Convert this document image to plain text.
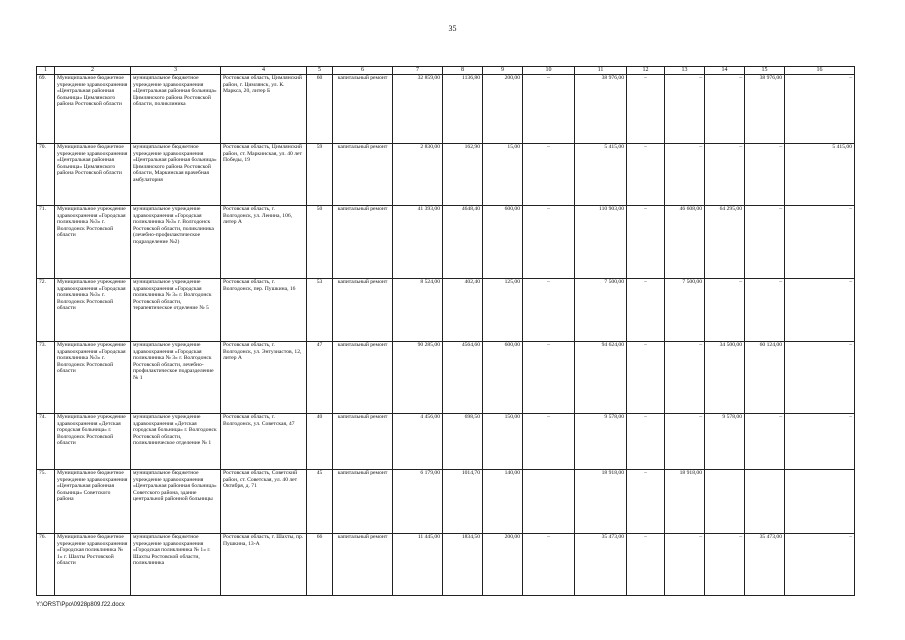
35
1	2	3	4	5	6	7	8	9	10	11	12	13	14	15	16
69.	Муниципальное бюджетное учреждение здравоохранения «Центральная районная больница» Цимлянского района Ростовской области	муниципальное бюджетное учреждение здравоохранения «Центральная районная больница» Цимлянского района Ростовской области, поликлиника	Ростовская область, Цимлянский район, г. Цимлянск, ул. К. Маркса, 20, литер Б	60	капитальный ремонт	32 859,00	1136,80	200,00	–	38 976,00	–	–	–	38 976,00	–
70.	Муниципальное бюджетное учреждение здравоохранения «Центральная районная больница» Цимлянского района Ростовской области	муниципальное бюджетное учреждение здравоохранения «Центральная районная больница» Цимлянского района Ростовской области, Маркинская врачебная амбулатория	Ростовская область, Цимлянский район, ст. Маркинская, ул. 40 лет Победы, 19	59	капитальный ремонт	2 830,00	162,90	15,00	–	5 415,00	–	–	–	–	5 415,00
71.	Муниципальное учреждение здравоохранения «Городская поликлиника №3» г. Волгодонск Ростовской области	муниципальное учреждение здравоохранения «Городская поликлиника №3» г. Волгодонск Ростовской области, поликлиника (лечебно-профилактическое подразделение №2)	Ростовская область, г. Волгодонск, ул. Ленина, 106, литер А	50	капитальный ремонт	41 393,00	4648,40	600,00	–	110 903,00	–	46 608,00	64 295,00	–	–
72.	Муниципальное учреждение здравоохранения «Городская поликлиника №3» г. Волгодонск Ростовской области	муниципальное учреждение здравоохранения «Городская поликлиника № 3» г. Волгодонск Ростовской области, терапевтическое отделение № 5	Ростовская область, г. Волгодонск, пер. Пушкина, 16	53	капитальный ремонт	8 524,00	402,40	125,00	–	7 500,00	–	7 500,00	–	–	–
73.	Муниципальное учреждение здравоохранения «Городская поликлиника №3» г. Волгодонск Ростовской области	муниципальное учреждение здравоохранения «Городская поликлиника № 3» г. Волгодонск Ростовской области, лечебно-профилактическое подразделение № 1	Ростовская область, г. Волгодонск, ул. Энтузиастов, 12, литер А	47	капитальный ремонт	90 285,00	4564,60	600,00	–	94 624,00	–	–	34 500,00	60 124,00	–
74.	Муниципальное учреждение здравоохранения «Детская городская больница» г. Волгодонск Ростовской области	муниципальное учреждение здравоохранения «Детская городская больница» г. Волгодонск Ростовской области, поликлиническое отделение № 1	Ростовская область, г. Волгодонск, ул. Советская, 47	40	капитальный ремонт	4 456,00	698,50	150,00	–	9 578,00	–	–	9 578,00	–	–
75.	Муниципальное бюджетное учреждение здравоохранения «Центральная районная больница» Советского района	муниципальное бюджетное учреждение здравоохранения «Центральная районная больница» Советского района, здание центральной районной больницы	Ростовская область, Советский район, ст. Советская, ул. 40 лет Октября, д. 71	45	капитальный ремонт	6 179,00	1014,70	140,00		18 918,00	–	18 918,00			
76.	Муниципальное бюджетное учреждение здравоохранения «Городская поликлиника № 1» г. Шахты Ростовской области	муниципальное бюджетное учреждение здравоохранения «Городская поликлиника № 1» г. Шахты Ростовской области, поликлиника	Ростовская область, г. Шахты, пр. Пушкина, 13-А	66	капитальный ремонт	11 445,00	1834,50	200,00	–	35 473,00	–	–	–	35 473,00	–
Y:\ORST\Ppo\0928p809.f22.docx
